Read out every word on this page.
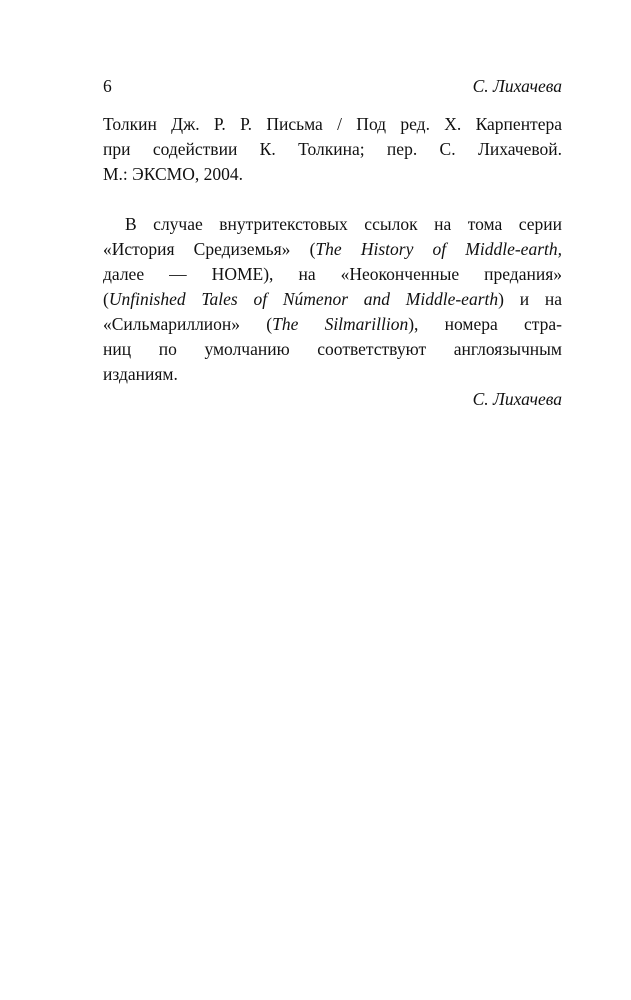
6	С. Лихачева

Толкин Дж. Р. Р. Письма / Под ред. Х. Карпентера
при содействии К. Толкина; пер. С. Лихачевой.
М.: ЭКСМО, 2004.

В случае внутритекстовых ссылок на тома серии
«История Средиземья» (The History of Middle-earth,
далее — HOME), на «Неоконченные предания»
(Unfinished Tales of Númenor and Middle-earth) и на
«Сильмариллион» (The Silmarillion), номера стра-
ниц по умолчанию соответствуют англоязычным
изданиям.
С. Лихачева
